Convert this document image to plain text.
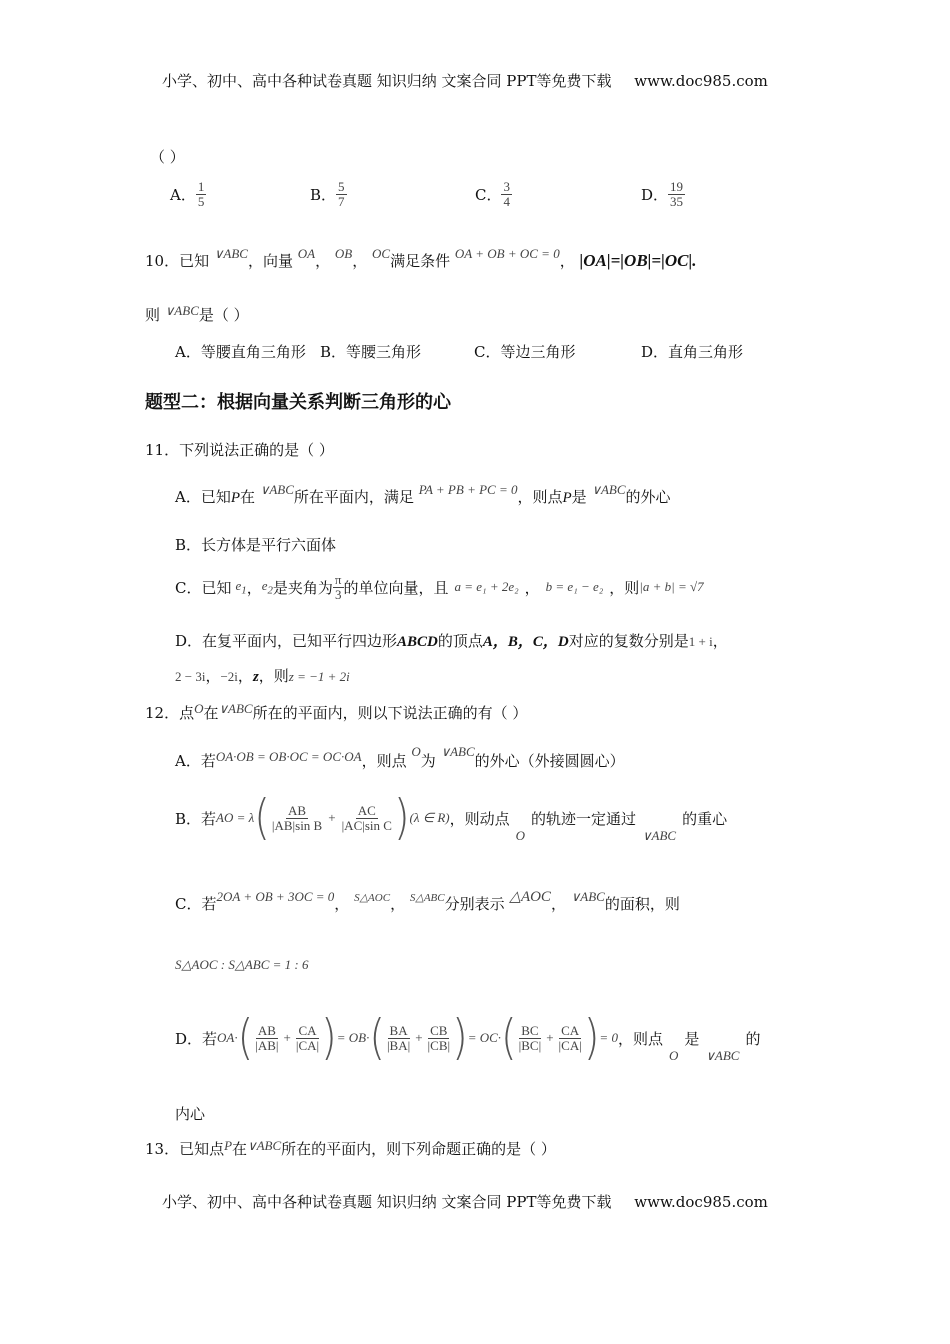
小学、初中、高中各种试卷真题 知识归纳 文案合同 PPT等免费下载 www.doc985.com
（ ）
A． $\frac{1}{5}$	B． $\frac{5}{7}$	C． $\frac{3}{4}$	D． $\frac{19}{35}$
10．已知 ∨ABC，向量 OA， OB， OC满足条件 OA + OB + OC = 0， |OA|=|OB|=|OC|.
则 ∨ABC是（ ）
A．等腰直角三角形 B．等腰三角形	C．等边三角形	D．直角三角形
题型二：根据向量关系判断三角形的心
11．下列说法正确的是（ ）
A．已知P在 ∨ABC所在平面内，满足 PA + PB + PC = 0，则点P是 ∨ABC的外心
B．长方体是平行六面体
C．已知 $e_1$ ， $e_2$ 是夹角为 $\frac{\pi}{3}$ 的单位向量，且 a = e₁ + 2e₂ ， b = e₁ − e₂ ，则 |a + b| = √7
D．在复平面内，已知平行四边形ABCD的顶点A，B，C，D对应的复数分别是1 + i，
2 − 3i，−2i，z，则z = −1 + 2i
12．点O在∨ABC所在的平面内，则以下说法正确的有（ ）
A．若OA·OB = OB·OC = OC·OA，则点 O为 ∨ABC的外心（外接圆圆心）
B．若 AO = λ ( $\frac{AB}{\text{|AB|sin B}} + \frac{AC}{\text{|AC|sin C}}$ ) (λ ∈ R) ，则动点
O
的轨迹一定通过
∨ABC
的重心
C．若2OA + OB + 3OC = 0， $^{S\triangle AOC}$， $^{S\triangle ABC}$分别表示 △AOC， ∨ABC的面积，则
S△AOC : S△ABC = 1 : 6
D．若 OA· ( $\frac{AB}{|AB|} + \frac{CA}{|CA|}$ ) = OB· ( $\frac{BA}{|BA|} + \frac{CB}{|CB|}$ ) = OC· ( $\frac{BC}{|BC|} + \frac{CA}{|CA|}$ ) = 0 ，则点
O
是
∨ABC
的
内心
13．已知点P在∨ABC所在的平面内，则下列命题正确的是（ ）
小学、初中、高中各种试卷真题 知识归纳 文案合同 PPT等免费下载 www.doc985.com
